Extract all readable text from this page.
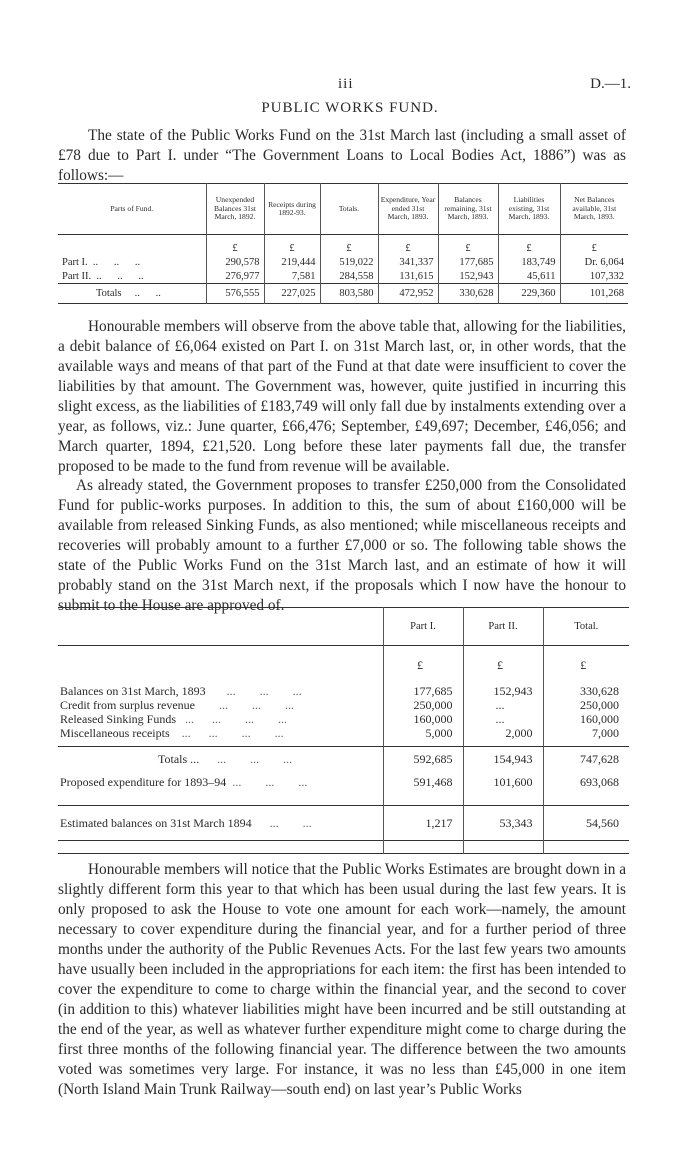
iii	D.—1.
PUBLIC WORKS FUND.

The state of the Public Works Fund on the 31st March last (including a small asset of £78 due to Part I. under “The Government Loans to Local Bodies Act, 1886”) was as follows:—

Parts of Fund.	Unexpended Balances 31st March, 1892.	Receipts during 1892-93.	Totals.	Expenditure, Year ended 31st March, 1893.	Balances remaining, 31st March, 1893.	Liabilities existing, 31st March, 1893.	Net Balances available, 31st March, 1893.
	£	£	£	£	£	£	£
Part I.  ..      ..      ..	290,578	219,444	519,022	341,337	177,685	183,749	Dr. 6,064
Part II.  ..      ..      ..	276,977	7,581	284,558	131,615	152,943	45,611	107,332
Totals     ..      ..	576,555	227,025	803,580	472,952	330,628	229,360	101,268

Honourable members will observe from the above table that, allowing for the liabilities, a debit balance of £6,064 existed on Part I. on 31st March last, or, in other words, that the available ways and means of that part of the Fund at that date were insufficient to cover the liabilities by that amount. The Government was, however, quite justified in incurring this slight excess, as the liabilities of £183,749 will only fall due by instalments extending over a year, as follows, viz.: June quarter, £66,476; September, £49,697; December, £46,056; and March quarter, 1894, £21,520. Long before these later payments fall due, the transfer proposed to be made to the fund from revenue will be available.

As already stated, the Government proposes to transfer £250,000 from the Consolidated Fund for public-works purposes. In addition to this, the sum of about £160,000 will be available from released Sinking Funds, as also mentioned; while miscellaneous receipts and recoveries will probably amount to a further £7,000 or so. The following table shows the state of the Public Works Fund on the 31st March last, and an estimate of how it will probably stand on the 31st March next, if the proposals which I now have the honour to submit to the House are approved of.

	Part I.	Part II.	Total.
	£	£	£
Balances on 31st March, 1893 ...        ...        ...	177,685	152,943	330,628
Credit from surplus revenue ...        ...        ...	250,000	...	250,000
Released Sinking Funds ...      ...        ...        ...	160,000	...	160,000
Miscellaneous receipts ...      ...        ...        ...	5,000	2,000	7,000

Totals ... ...        ...        ...	592,685	154,943	747,628
Proposed expenditure for 1893–94 ...        ...        ...	591,468	101,600	693,068

Estimated balances on 31st March 1894 ...        ...	1,217	53,343	54,560

Honourable members will notice that the Public Works Estimates are brought down in a slightly different form this year to that which has been usual during the last few years. It is only proposed to ask the House to vote one amount for each work—namely, the amount necessary to cover expenditure during the financial year, and for a further period of three months under the authority of the Public Revenues Acts. For the last few years two amounts have usually been included in the appropriations for each item: the first has been intended to cover the expenditure to come to charge within the financial year, and the second to cover (in addition to this) whatever liabilities might have been incurred and be still outstanding at the end of the year, as well as whatever further expenditure might come to charge during the first three months of the following financial year. The difference between the two amounts voted was sometimes very large. For instance, it was no less than £45,000 in one item (North Island Main Trunk Railway—south end) on last year’s Public Works
